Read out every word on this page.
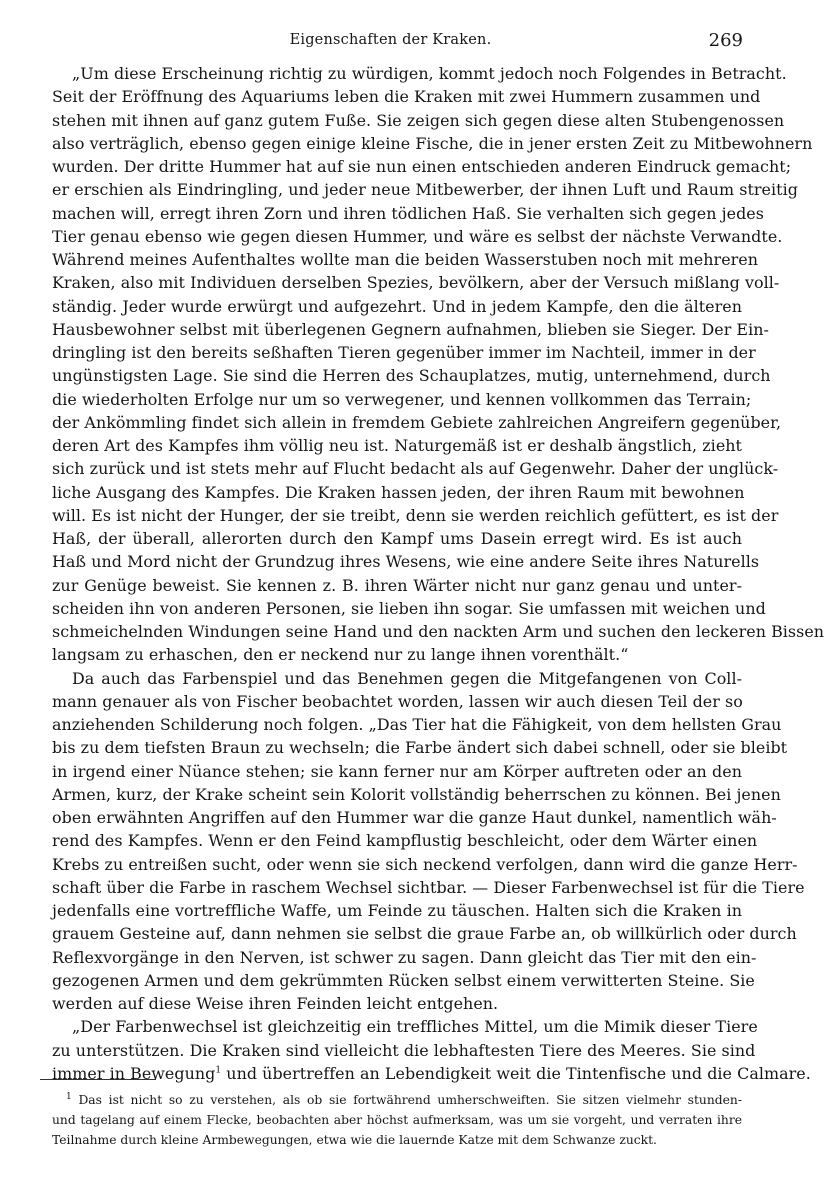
Eigenschaften der Kraken.	269
„Um diese Erscheinung richtig zu würdigen, kommt jedoch noch Folgendes in Betracht.
Seit der Eröffnung des Aquariums leben die Kraken mit zwei Hummern zusammen und
stehen mit ihnen auf ganz gutem Fuße. Sie zeigen sich gegen diese alten Stubengenossen
also verträglich, ebenso gegen einige kleine Fische, die in jener ersten Zeit zu Mitbewohnern
wurden. Der dritte Hummer hat auf sie nun einen entschieden anderen Eindruck gemacht;
er erschien als Eindringling, und jeder neue Mitbewerber, der ihnen Luft und Raum streitig
machen will, erregt ihren Zorn und ihren tödlichen Haß. Sie verhalten sich gegen jedes
Tier genau ebenso wie gegen diesen Hummer, und wäre es selbst der nächste Verwandte.
Während meines Aufenthaltes wollte man die beiden Wasserstuben noch mit mehreren
Kraken, also mit Individuen derselben Spezies, bevölkern, aber der Versuch mißlang voll-
ständig. Jeder wurde erwürgt und aufgezehrt. Und in jedem Kampfe, den die älteren
Hausbewohner selbst mit überlegenen Gegnern aufnahmen, blieben sie Sieger. Der Ein-
dringling ist den bereits seßhaften Tieren gegenüber immer im Nachteil, immer in der
ungünstigsten Lage. Sie sind die Herren des Schauplatzes, mutig, unternehmend, durch
die wiederholten Erfolge nur um so verwegener, und kennen vollkommen das Terrain;
der Ankömmling findet sich allein in fremdem Gebiete zahlreichen Angreifern gegenüber,
deren Art des Kampfes ihm völlig neu ist. Naturgemäß ist er deshalb ängstlich, zieht
sich zurück und ist stets mehr auf Flucht bedacht als auf Gegenwehr. Daher der unglück-
liche Ausgang des Kampfes. Die Kraken hassen jeden, der ihren Raum mit bewohnen
will. Es ist nicht der Hunger, der sie treibt, denn sie werden reichlich gefüttert, es ist der
Haß, der überall, allerorten durch den Kampf ums Dasein erregt wird. Es ist auch
Haß und Mord nicht der Grundzug ihres Wesens, wie eine andere Seite ihres Naturells
zur Genüge beweist. Sie kennen z. B. ihren Wärter nicht nur ganz genau und unter-
scheiden ihn von anderen Personen, sie lieben ihn sogar. Sie umfassen mit weichen und
schmeichelnden Windungen seine Hand und den nackten Arm und suchen den leckeren Bissen
langsam zu erhaschen, den er neckend nur zu lange ihnen vorenthält.“
Da auch das Farbenspiel und das Benehmen gegen die Mitgefangenen von Coll-
mann genauer als von Fischer beobachtet worden, lassen wir auch diesen Teil der so
anziehenden Schilderung noch folgen. „Das Tier hat die Fähigkeit, von dem hellsten Grau
bis zu dem tiefsten Braun zu wechseln; die Farbe ändert sich dabei schnell, oder sie bleibt
in irgend einer Nüance stehen; sie kann ferner nur am Körper auftreten oder an den
Armen, kurz, der Krake scheint sein Kolorit vollständig beherrschen zu können. Bei jenen
oben erwähnten Angriffen auf den Hummer war die ganze Haut dunkel, namentlich wäh-
rend des Kampfes. Wenn er den Feind kampflustig beschleicht, oder dem Wärter einen
Krebs zu entreißen sucht, oder wenn sie sich neckend verfolgen, dann wird die ganze Herr-
schaft über die Farbe in raschem Wechsel sichtbar. — Dieser Farbenwechsel ist für die Tiere
jedenfalls eine vortreffliche Waffe, um Feinde zu täuschen. Halten sich die Kraken in
grauem Gesteine auf, dann nehmen sie selbst die graue Farbe an, ob willkürlich oder durch
Reflexvorgänge in den Nerven, ist schwer zu sagen. Dann gleicht das Tier mit den ein-
gezogenen Armen und dem gekrümmten Rücken selbst einem verwitterten Steine. Sie
werden auf diese Weise ihren Feinden leicht entgehen.
„Der Farbenwechsel ist gleichzeitig ein treffliches Mittel, um die Mimik dieser Tiere
zu unterstützen. Die Kraken sind vielleicht die lebhaftesten Tiere des Meeres. Sie sind
immer in Bewegung$^1$ und übertreffen an Lebendigkeit weit die Tintenfische und die Calmare.
$^1$ Das ist nicht so zu verstehen, als ob sie fortwährend umherschweiften. Sie sitzen vielmehr stunden-
und tagelang auf einem Flecke, beobachten aber höchst aufmerksam, was um sie vorgeht, und verraten ihre
Teilnahme durch kleine Armbewegungen, etwa wie die lauernde Katze mit dem Schwanze zuckt.
